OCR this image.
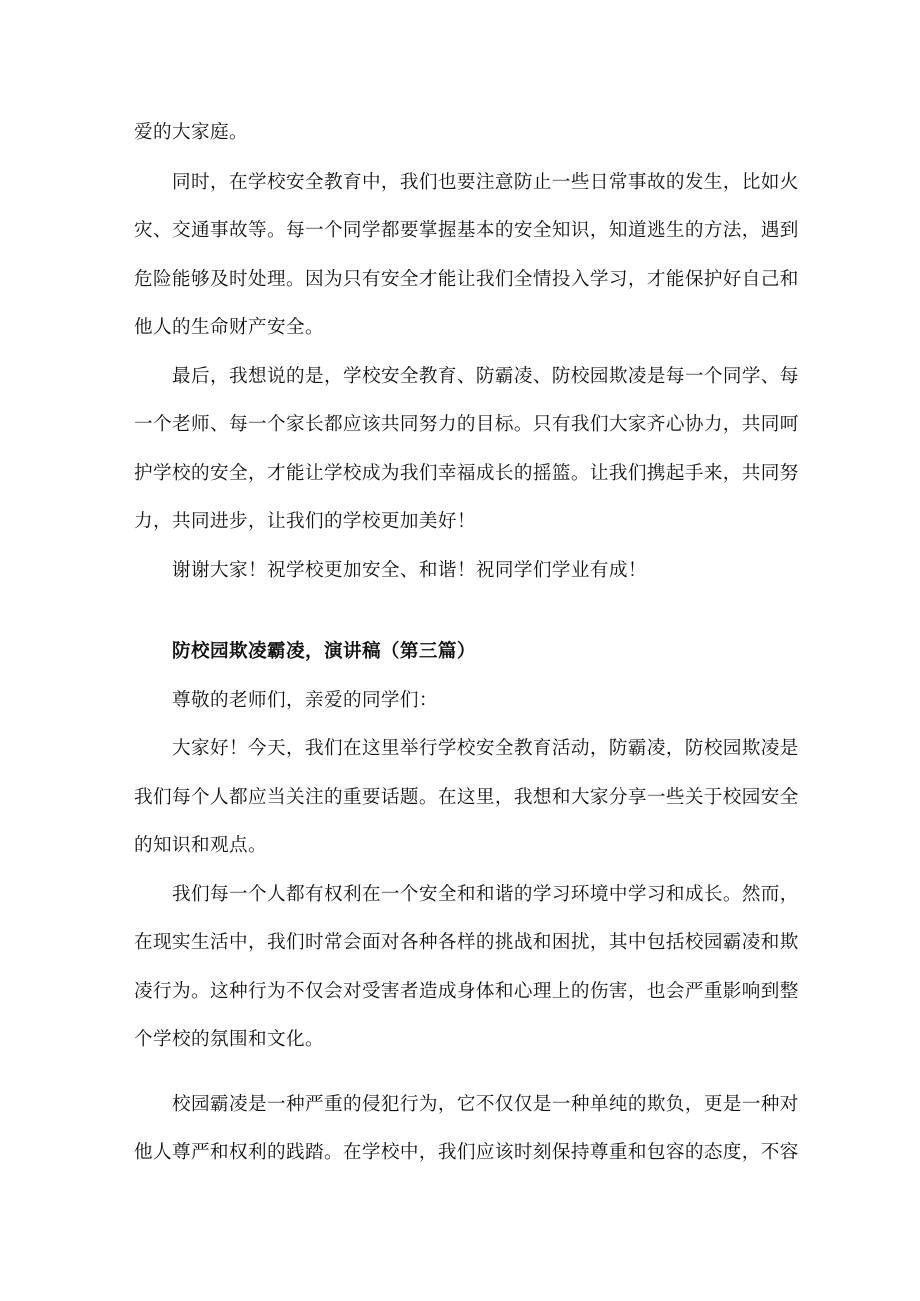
爱的大家庭。
同时，在学校安全教育中，我们也要注意防止一些日常事故的发生，比如火
灾、交通事故等。每一个同学都要掌握基本的安全知识，知道逃生的方法，遇到
危险能够及时处理。因为只有安全才能让我们全情投入学习，才能保护好自己和
他人的生命财产安全。
最后，我想说的是，学校安全教育、防霸凌、防校园欺凌是每一个同学、每
一个老师、每一个家长都应该共同努力的目标。只有我们大家齐心协力，共同呵
护学校的安全，才能让学校成为我们幸福成长的摇篮。让我们携起手来，共同努
力，共同进步，让我们的学校更加美好！
谢谢大家！祝学校更加安全、和谐！祝同学们学业有成！
防校园欺凌霸凌，演讲稿（第三篇）
尊敬的老师们，亲爱的同学们：
大家好！今天，我们在这里举行学校安全教育活动，防霸凌，防校园欺凌是
我们每个人都应当关注的重要话题。在这里，我想和大家分享一些关于校园安全
的知识和观点。
我们每一个人都有权利在一个安全和和谐的学习环境中学习和成长。然而，
在现实生活中，我们时常会面对各种各样的挑战和困扰，其中包括校园霸凌和欺
凌行为。这种行为不仅会对受害者造成身体和心理上的伤害，也会严重影响到整
个学校的氛围和文化。
校园霸凌是一种严重的侵犯行为，它不仅仅是一种单纯的欺负，更是一种对
他人尊严和权利的践踏。在学校中，我们应该时刻保持尊重和包容的态度，不容
